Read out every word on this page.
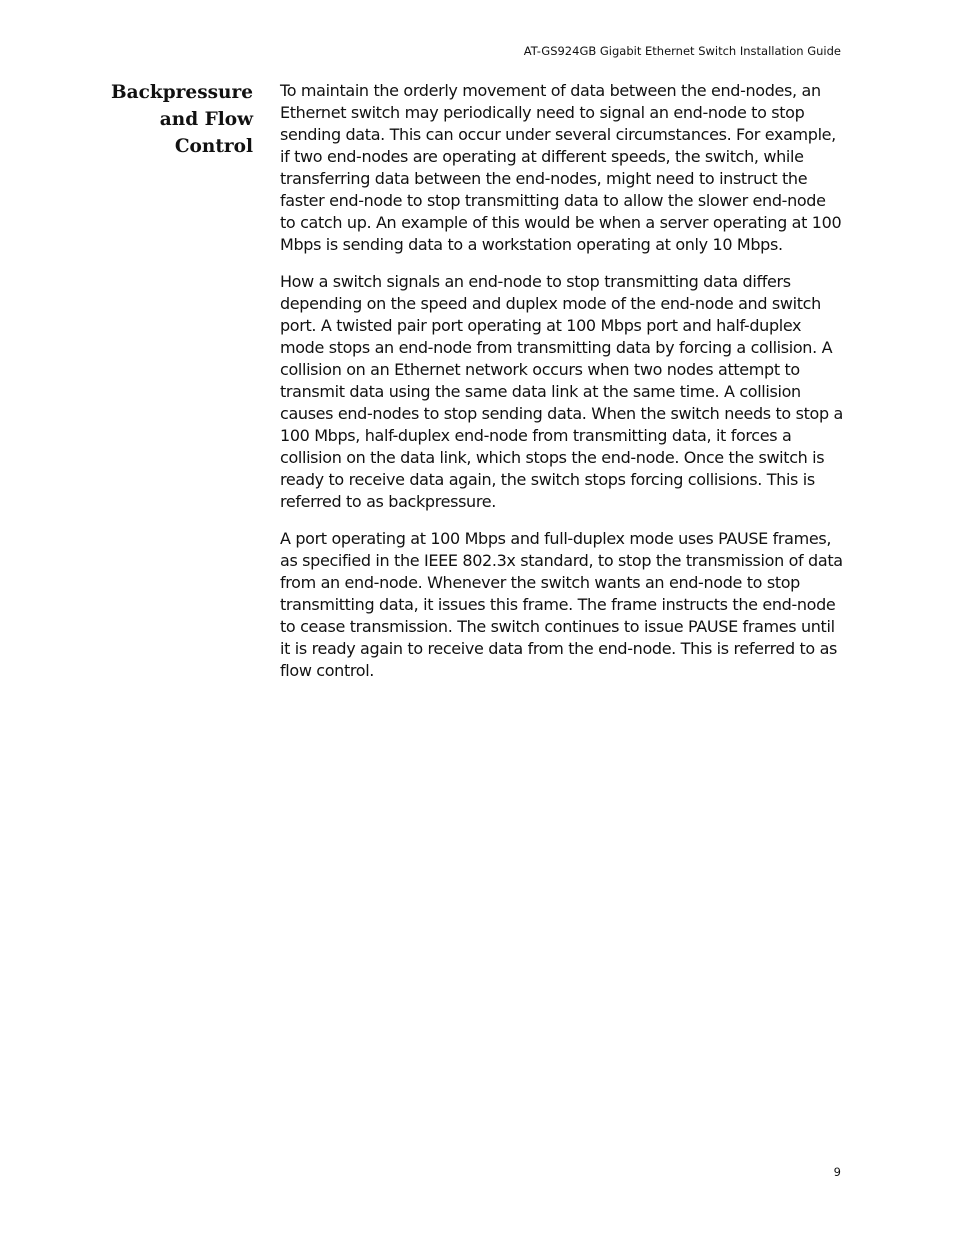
AT-GS924GB Gigabit Ethernet Switch Installation Guide
Backpressure
and Flow
Control

To maintain the orderly movement of data between the end-nodes, an
Ethernet switch may periodically need to signal an end-node to stop
sending data. This can occur under several circumstances. For example,
if two end-nodes are operating at different speeds, the switch, while
transferring data between the end-nodes, might need to instruct the
faster end-node to stop transmitting data to allow the slower end-node
to catch up. An example of this would be when a server operating at 100
Mbps is sending data to a workstation operating at only 10 Mbps.

How a switch signals an end-node to stop transmitting data differs
depending on the speed and duplex mode of the end-node and switch
port. A twisted pair port operating at 100 Mbps port and half-duplex
mode stops an end-node from transmitting data by forcing a collision. A
collision on an Ethernet network occurs when two nodes attempt to
transmit data using the same data link at the same time. A collision
causes end-nodes to stop sending data. When the switch needs to stop a
100 Mbps, half-duplex end-node from transmitting data, it forces a
collision on the data link, which stops the end-node. Once the switch is
ready to receive data again, the switch stops forcing collisions. This is
referred to as backpressure.

A port operating at 100 Mbps and full-duplex mode uses PAUSE frames,
as specified in the IEEE 802.3x standard, to stop the transmission of data
from an end-node. Whenever the switch wants an end-node to stop
transmitting data, it issues this frame. The frame instructs the end-node
to cease transmission. The switch continues to issue PAUSE frames until
it is ready again to receive data from the end-node. This is referred to as
flow control.

9
